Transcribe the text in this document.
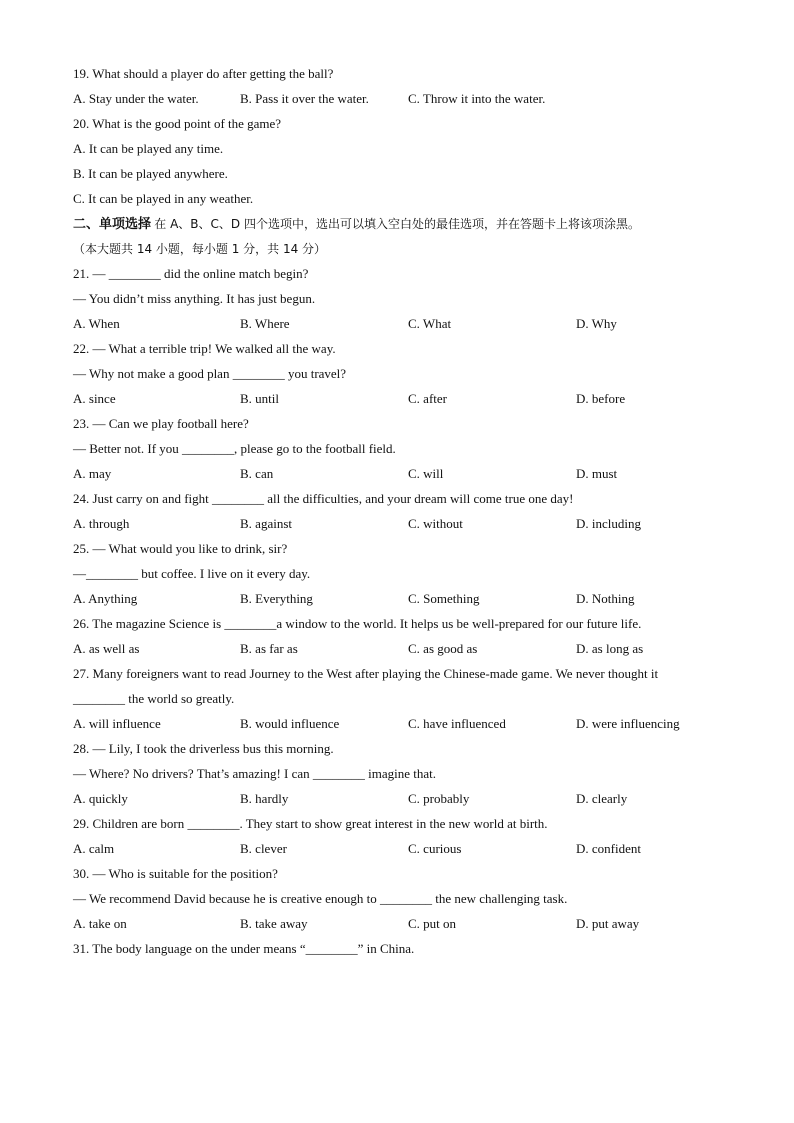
19. What should a player do after getting the ball?
A. Stay under the water.	B. Pass it over the water.	C. Throw it into the water.
20. What is the good point of the game?
A. It can be played any time.
B. It can be played anywhere.
C. It can be played in any weather.
二、单项选择 在 A、B、C、D 四个选项中，选出可以填入空白处的最佳选项，并在答题卡上将该项涂黑。
（本大题共 14 小题，每小题 1 分，共 14 分）
21. — ________ did the online match begin?
— You didn’t miss anything. It has just begun.
A. When	B. Where	C. What	D. Why
22. — What a terrible trip! We walked all the way.
— Why not make a good plan ________ you travel?
A. since	B. until	C. after	D. before
23. — Can we play football here?
— Better not. If you ________, please go to the football field.
A. may	B. can	C. will	D. must
24. Just carry on and fight ________ all the difficulties, and your dream will come true one day!
A. through	B. against	C. without	D. including
25. — What would you like to drink, sir?
—________ but coffee. I live on it every day.
A. Anything	B. Everything	C. Something	D. Nothing
26. The magazine Science is ________a window to the world. It helps us be well-prepared for our future life.
A. as well as	B. as far as	C. as good as	D. as long as
27. Many foreigners want to read Journey to the West after playing the Chinese-made game. We never thought it
________ the world so greatly.
A. will influence	B. would influence	C. have influenced	D. were influencing
28. — Lily, I took the driverless bus this morning.
— Where? No drivers? That’s amazing! I can ________ imagine that.
A. quickly	B. hardly	C. probably	D. clearly
29. Children are born ________. They start to show great interest in the new world at birth.
A. calm	B. clever	C. curious	D. confident
30. — Who is suitable for the position?
— We recommend David because he is creative enough to ________ the new challenging task.
A. take on	B. take away	C. put on	D. put away
31. The body language on the under means “________” in China.
